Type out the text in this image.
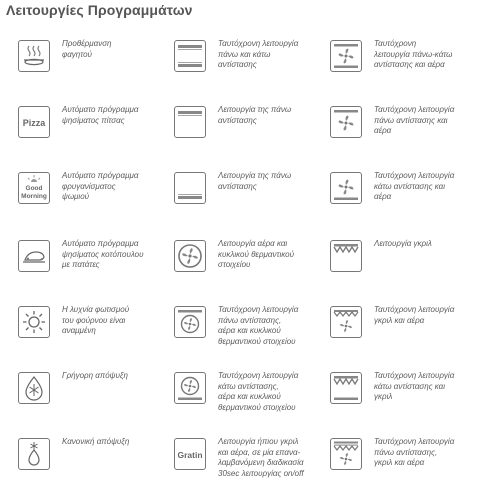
Λειτουργίες Προγραμμάτων
Προθέρμανση
φαγητού
Pizza
Αυτόματο πρόγραμμα
ψησίματος πίτσας
Good
Morning
Αυτόματο πρόγραμμα
φρυγανίσματος
ψωμιού
Αυτόματο πρόγραμμα
ψησίματος κοτόπουλου
με πατάτες
Η λυχνία φωτισμού
του φούρνου είναι
αναμμένη
Γρήγορη απόψυξη
Κανονική απόψυξη
Ταυτόχρονη λειτουργία
πάνω και κάτω
αντίστασης
Λειτουργία της πάνω
αντίστασης
Λειτουργία της πάνω
αντίστασης
Λειτουργία αέρα και
κυκλικού θερμαντικού
στοιχείου
Ταυτόχρονη λειτουργία
πάνω αντίστασης,
αέρα και κυκλικού
θερμαντικού στοιχείου
Ταυτόχρονη λειτουργία
κάτω αντίστασης,
αέρα και κυκλικού
θερμαντικού στοιχείου
Gratin
Λειτουργία ήπιου γκριλ
και αέρα, σε μία επανα-
λαμβανόμενη διαδικασία
30sec λειτουργίας on/off
Ταυτόχρονη
λειτουργία πάνω-κάτω
αντίστασης και αέρα
Ταυτόχρονη λειτουργία
πάνω αντίστασης και
αέρα
Ταυτόχρονη λειτουργία
κάτω αντίστασης και
αέρα
Λειτουργία γκριλ
Ταυτόχρονη λειτουργία
γκριλ και αέρα
Ταυτόχρονη λειτουργία
κάτω αντίστασης και
γκριλ
Ταυτόχρονη λειτουργία
πάνω αντίστασης,
γκριλ και αέρα
